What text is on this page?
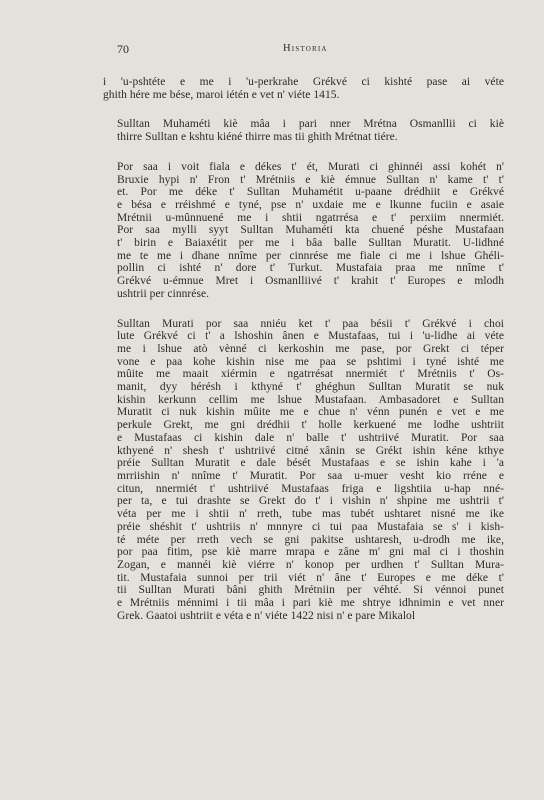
70	Historia

i 'u-pshtéte e me i 'u-perkrahe Grékvé ci kishté pase ai véte
ghith hére me bése, maroi iétén e vet n' viéte 1415.

Sulltan Muhaméti kiè mâa i pari nner Mrétna Osmanllii ci kiè
thirre Sulltan e kshtu kiéné thirre mas tii ghith Mrétnat tiére.

Por saa i voit fiala e dékes t' ét, Murati ci ghinnéi assi kohét n'
Bruxie hypi n' Fron t' Mrétniis e kiè émnue Sulltan n' kame t' t'
et. Por me déke t' Sulltan Muhamétit u-paane drédhiit e Grékvé
e bésa e rréishmé e tyné, pse n' uxdaie me e lkunne fuciin e asaie
Mrétnii u-mûnnuené me i shtii ngatrrésa e t' perxiim nnermiét.
Por saa mylli syyt Sulltan Muhaméti kta chuené péshe Mustafaan
t' birin e Baiaxétit per me i bâa balle Sulltan Muratit. U-lidhné
me te me i dhane nnîme per cinnrése me fiale ci me i lshue Ghéli-
pollin ci ishté n' dore t' Turkut. Mustafaia praa me nnîme t'
Grékvé u-émnue Mret i Osmanlliivé t' krahit t' Europes e mlodh
ushtrii per cinnrése.

Sulltan Murati por saa nniéu ket t' paa bésii t' Grékvé i choi
lute Grékvé ci t' a lshoshin ânen e Mustafaas, tui i 'u-lidhe ai véte
me i lshue atò vènné ci kerkoshin me pase, por Grekt ci téper
vone e paa kohe kishin nise me paa se pshtimi i tyné ishté me
mûite me maait xiérmin e ngatrrésat nnermiét t' Mrétniis t' Os-
manit, dyy hérésh i kthyné t' ghéghun Sulltan Muratit se nuk
kishin kerkunn cellim me lshue Mustafaan. Ambasadoret e Sulltan
Muratit ci nuk kishin mûite me e chue n' vénn punén e vet e me
perkule Grekt, me gni drédhii t' holle kerkuené me lodhe ushtriit
e Mustafaas ci kishin dale n' balle t' ushtriivé Muratit. Por saa
kthyené n' shesh t' ushtriivé citné xânin se Grékt ishin kéne kthye
préie Sulltan Muratit e dale bését Mustafaas e se ishin kahe i 'a
mrriishin n' nnîme t' Muratit. Por saa u-muer vesht kio rréne e
citun, nnermiét t' ushtriivé Mustafaas friga e ligshtiia u-hap nné-
per ta, e tui drashte se Grekt do t' i vishin n' shpine me ushtrii t'
véta per me i shtii n' rreth, tube mas tubét ushtaret nisné me ike
préie shéshit t' ushtriis n' mnnyre ci tui paa Mustafaia se s' i kish-
té méte per rreth vech se gni pakitse ushtaresh, u-drodh me ike,
por paa fitim, pse kiè marre mrapa e zâne m' gni mal ci i thoshin
Zogan, e mannéi kiè viérre n' konop per urdhen t' Sulltan Mura-
tit. Mustafaia sunnoi per trii viét n' âne t' Europes e me déke t'
tii Sulltan Murati bâni ghith Mrétniin per véhté. Si vénnoi punet
e Mrétniis ménnimi i tii mâa i pari kiè me shtrye idhnimin e vet nner
Grek. Gaatoi ushtriit e véta e n' viéte 1422 nisi n' e pare Mikalol
